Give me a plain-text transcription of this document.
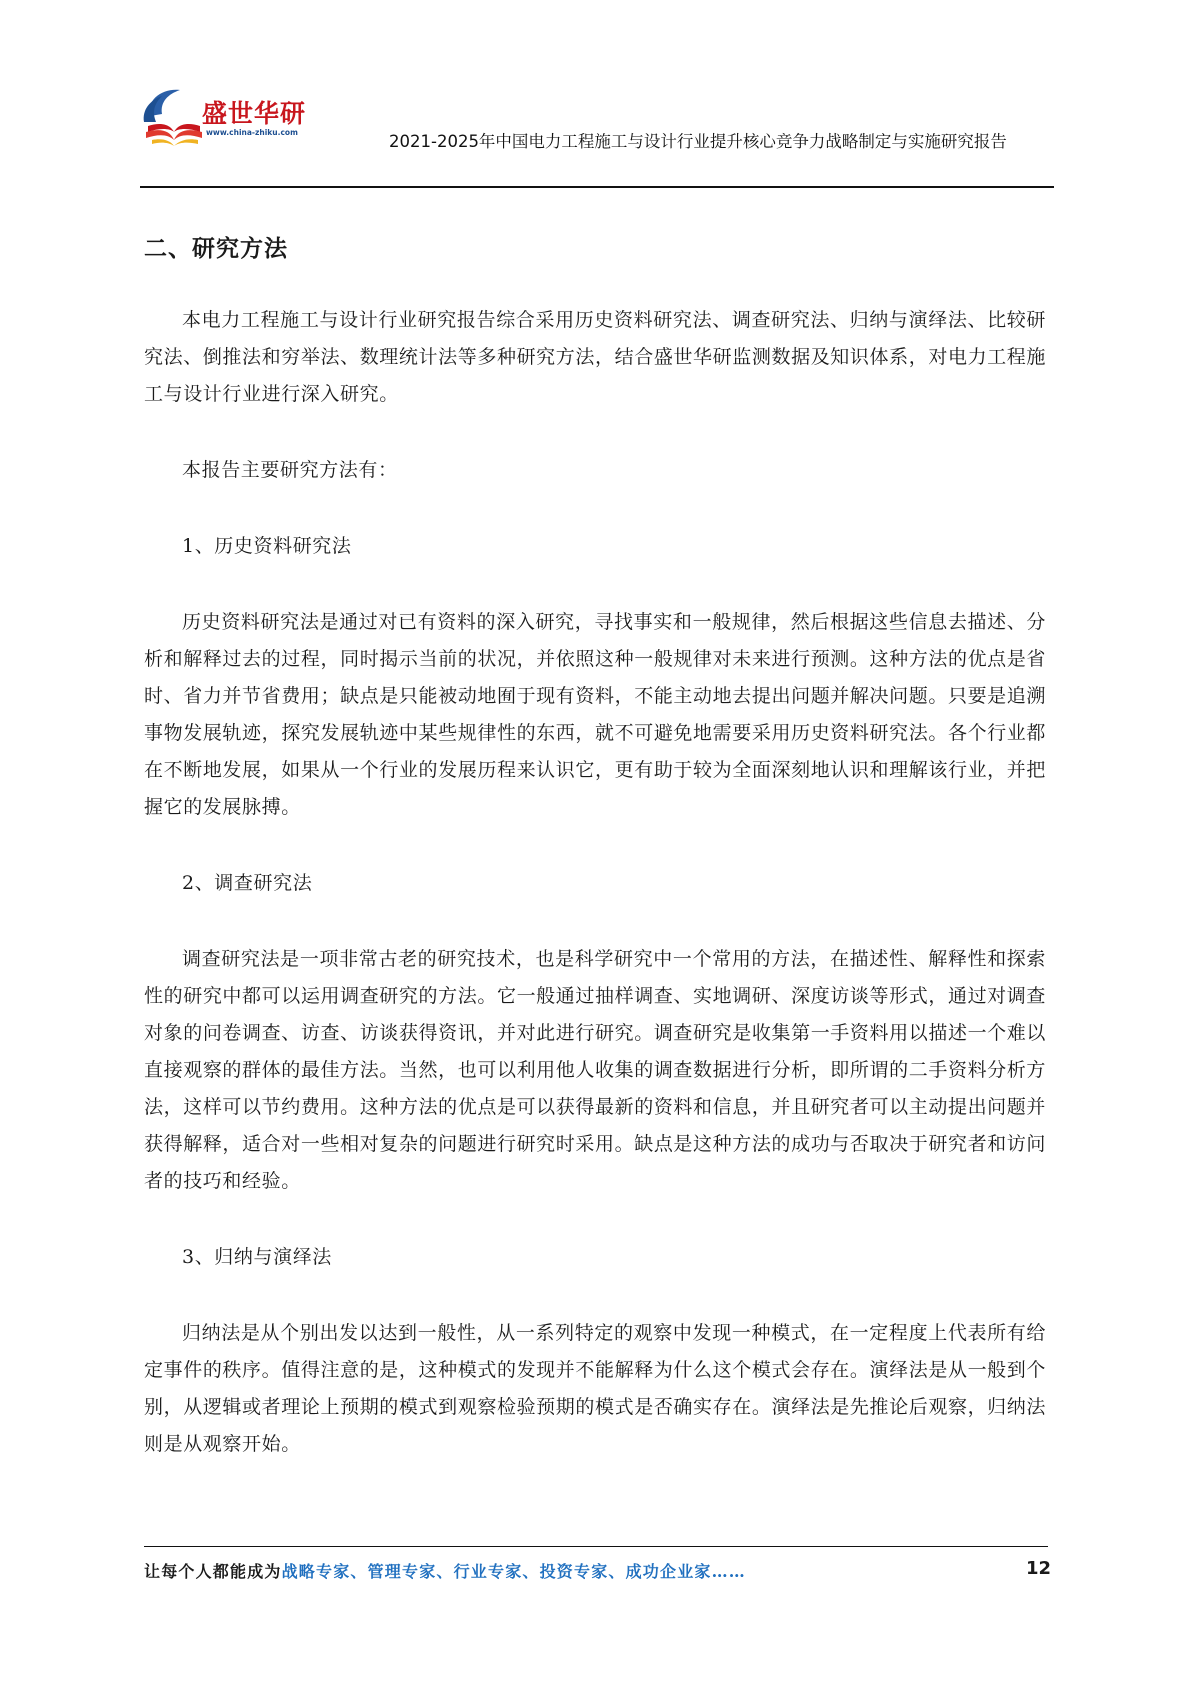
盛世华研
www.china-zhiku.com	2021-2025年中国电力工程施工与设计行业提升核心竞争力战略制定与实施研究报告
二、研究方法

本电力工程施工与设计行业研究报告综合采用历史资料研究法、调查研究法、归纳与演绎法、比较研究法、倒推法和穷举法、数理统计法等多种研究方法，结合盛世华研监测数据及知识体系，对电力工程施工与设计行业进行深入研究。

本报告主要研究方法有：

1、历史资料研究法

历史资料研究法是通过对已有资料的深入研究，寻找事实和一般规律，然后根据这些信息去描述、分析和解释过去的过程，同时揭示当前的状况，并依照这种一般规律对未来进行预测。这种方法的优点是省时、省力并节省费用；缺点是只能被动地囿于现有资料，不能主动地去提出问题并解决问题。只要是追溯事物发展轨迹，探究发展轨迹中某些规律性的东西，就不可避免地需要采用历史资料研究法。各个行业都在不断地发展，如果从一个行业的发展历程来认识它，更有助于较为全面深刻地认识和理解该行业，并把握它的发展脉搏。

2、调查研究法

调查研究法是一项非常古老的研究技术，也是科学研究中一个常用的方法，在描述性、解释性和探索性的研究中都可以运用调查研究的方法。它一般通过抽样调查、实地调研、深度访谈等形式，通过对调查对象的问卷调查、访查、访谈获得资讯，并对此进行研究。调查研究是收集第一手资料用以描述一个难以直接观察的群体的最佳方法。当然，也可以利用他人收集的调查数据进行分析，即所谓的二手资料分析方法，这样可以节约费用。这种方法的优点是可以获得最新的资料和信息，并且研究者可以主动提出问题并获得解释，适合对一些相对复杂的问题进行研究时采用。缺点是这种方法的成功与否取决于研究者和访问者的技巧和经验。

3、归纳与演绎法

归纳法是从个别出发以达到一般性，从一系列特定的观察中发现一种模式，在一定程度上代表所有给定事件的秩序。值得注意的是，这种模式的发现并不能解释为什么这个模式会存在。演绎法是从一般到个别，从逻辑或者理论上预期的模式到观察检验预期的模式是否确实存在。演绎法是先推论后观察，归纳法则是从观察开始。

让每个人都能成为战略专家、管理专家、行业专家、投资专家、成功企业家……	12
